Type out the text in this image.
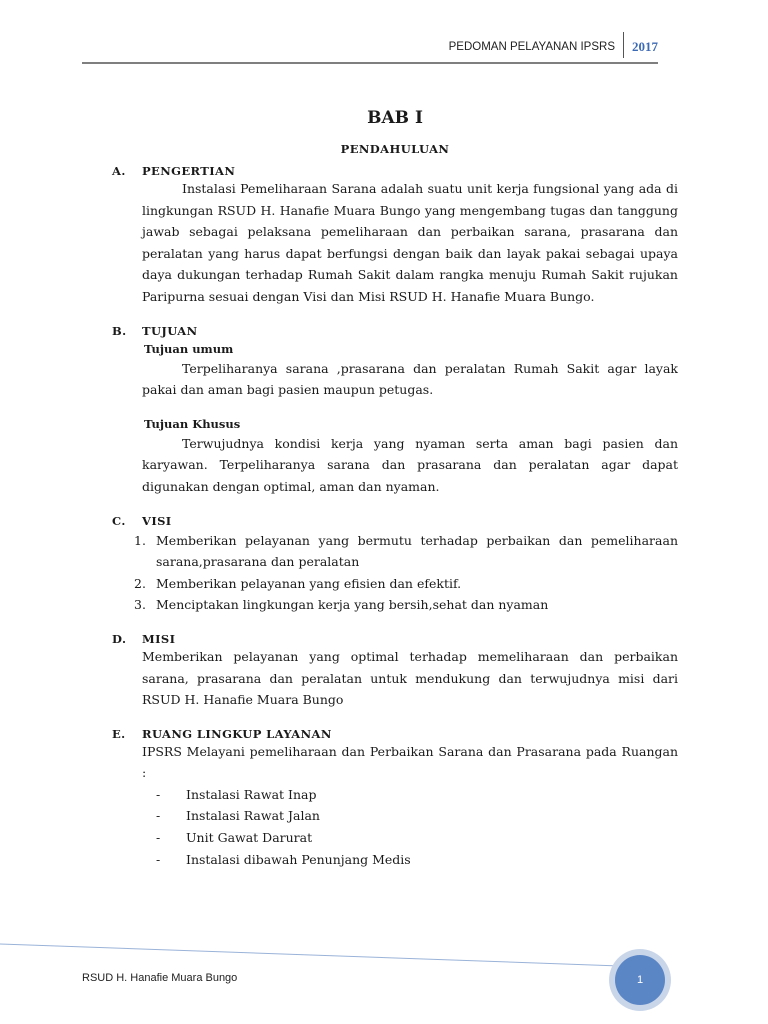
PEDOMAN PELAYANAN IPSRS	2017
BAB I
PENDAHULUAN
A.	PENGERTIAN

Instalasi Pemeliharaan Sarana adalah suatu unit kerja fungsional yang ada di lingkungan RSUD H. Hanafie Muara Bungo yang mengembang tugas dan tanggung jawab sebagai pelaksana pemeliharaan dan perbaikan sarana, prasarana dan peralatan yang harus dapat berfungsi dengan baik dan layak pakai sebagai upaya daya dukungan terhadap Rumah Sakit dalam rangka menuju Rumah Sakit rujukan Paripurna sesuai dengan Visi dan Misi RSUD H. Hanafie Muara Bungo.

B.	TUJUAN
Tujuan umum

Terpeliharanya sarana ,prasarana dan peralatan Rumah Sakit agar layak pakai dan aman bagi pasien maupun petugas.

Tujuan Khusus

Terwujudnya kondisi kerja yang nyaman serta aman bagi pasien dan karyawan. Terpeliharanya sarana dan prasarana dan peralatan agar dapat digunakan dengan optimal, aman dan nyaman.

C.	VISI
1. Memberikan pelayanan yang bermutu terhadap perbaikan dan pemeliharaan sarana,prasarana dan peralatan
2. Memberikan pelayanan yang efisien dan efektif.
3. Menciptakan lingkungan kerja yang bersih,sehat dan nyaman
D.	MISI

Memberikan pelayanan yang optimal terhadap memeliharaan dan perbaikan sarana, prasarana dan peralatan untuk mendukung dan terwujudnya misi dari RSUD H. Hanafie Muara Bungo

E.	RUANG LINGKUP LAYANAN

IPSRS Melayani pemeliharaan dan Perbaikan Sarana dan Prasarana pada Ruangan :

-	Instalasi Rawat Inap
-	Instalasi Rawat Jalan
-	Unit Gawat Darurat
-	Instalasi dibawah Penunjang Medis
1
RSUD H. Hanafie Muara Bungo
